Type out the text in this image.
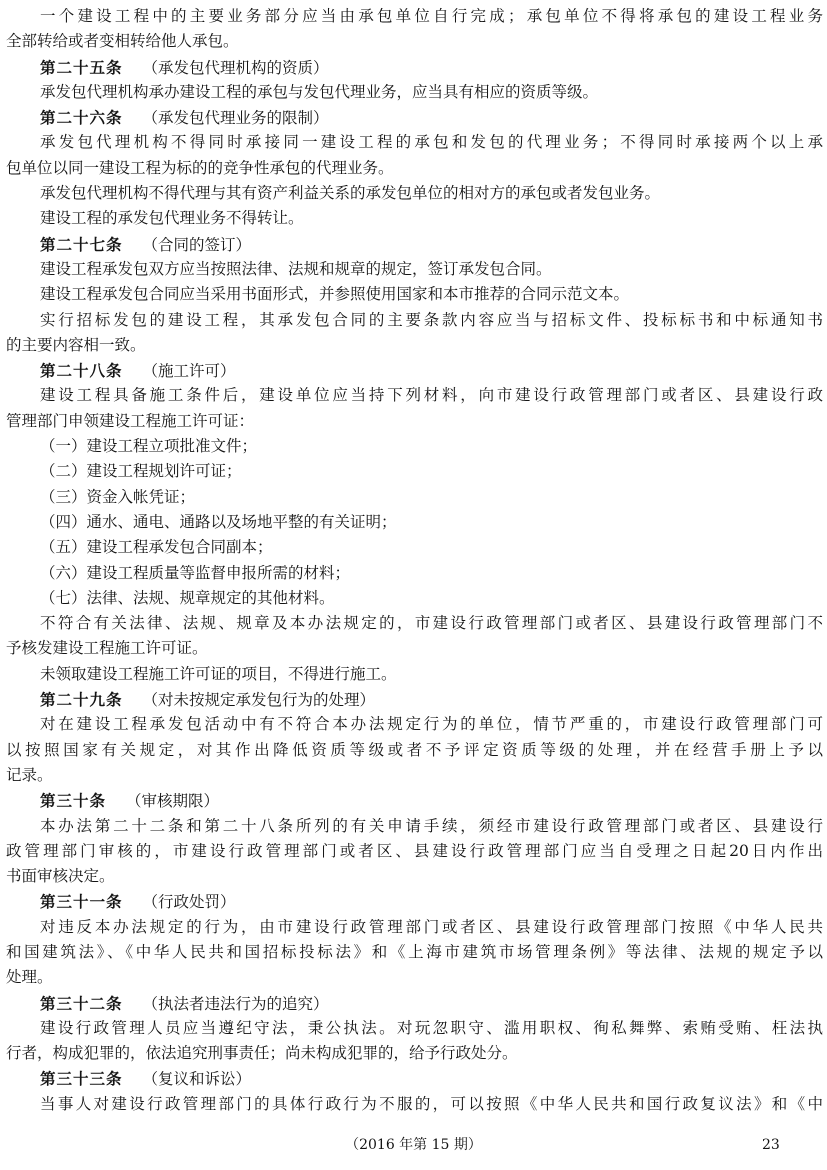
一个建设工程中的主要业务部分应当由承包单位自行完成；承包单位不得将承包的建设工程业务
全部转给或者变相转给他人承包。
第二十五条 （承发包代理机构的资质）
承发包代理机构承办建设工程的承包与发包代理业务，应当具有相应的资质等级。
第二十六条 （承发包代理业务的限制）
承发包代理机构不得同时承接同一建设工程的承包和发包的代理业务；不得同时承接两个以上承
包单位以同一建设工程为标的的竞争性承包的代理业务。
承发包代理机构不得代理与其有资产利益关系的承发包单位的相对方的承包或者发包业务。
建设工程的承发包代理业务不得转让。
第二十七条 （合同的签订）
建设工程承发包双方应当按照法律、法规和规章的规定，签订承发包合同。
建设工程承发包合同应当采用书面形式，并参照使用国家和本市推荐的合同示范文本。
实行招标发包的建设工程，其承发包合同的主要条款内容应当与招标文件、投标标书和中标通知书
的主要内容相一致。
第二十八条 （施工许可）
建设工程具备施工条件后，建设单位应当持下列材料，向市建设行政管理部门或者区、县建设行政
管理部门申领建设工程施工许可证：
（一）建设工程立项批准文件；
（二）建设工程规划许可证；
（三）资金入帐凭证；
（四）通水、通电、通路以及场地平整的有关证明；
（五）建设工程承发包合同副本；
（六）建设工程质量等监督申报所需的材料；
（七）法律、法规、规章规定的其他材料。
不符合有关法律、法规、规章及本办法规定的，市建设行政管理部门或者区、县建设行政管理部门不
予核发建设工程施工许可证。
未领取建设工程施工许可证的项目，不得进行施工。
第二十九条 （对未按规定承发包行为的处理）
对在建设工程承发包活动中有不符合本办法规定行为的单位，情节严重的，市建设行政管理部门可
以按照国家有关规定，对其作出降低资质等级或者不予评定资质等级的处理，并在经营手册上予以
记录。
第三十条 （审核期限）
本办法第二十二条和第二十八条所列的有关申请手续，须经市建设行政管理部门或者区、县建设行
政管理部门审核的，市建设行政管理部门或者区、县建设行政管理部门应当自受理之日起20日内作出
书面审核决定。
第三十一条 （行政处罚）
对违反本办法规定的行为，由市建设行政管理部门或者区、县建设行政管理部门按照《中华人民共
和国建筑法》、《中华人民共和国招标投标法》和《上海市建筑市场管理条例》等法律、法规的规定予以
处理。
第三十二条 （执法者违法行为的追究）
建设行政管理人员应当遵纪守法，秉公执法。对玩忽职守、滥用职权、徇私舞弊、索贿受贿、枉法执
行者，构成犯罪的，依法追究刑事责任；尚未构成犯罪的，给予行政处分。
第三十三条 （复议和诉讼）
当事人对建设行政管理部门的具体行政行为不服的，可以按照《中华人民共和国行政复议法》和《中
（2016 年第 15 期）	23
